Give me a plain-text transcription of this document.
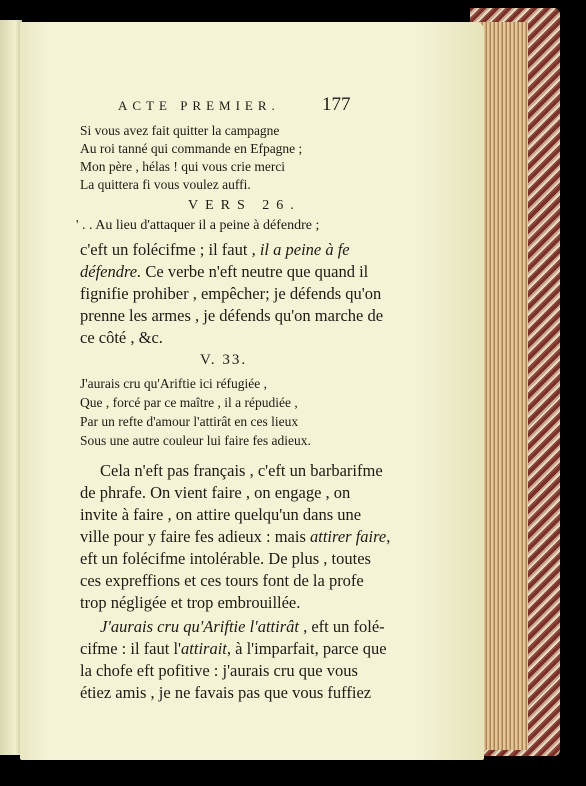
ACTE PREMIER. 177
Si vous avez fait quitter la campagne
Au roi tanné qui commande en Efpagne ;
Mon père , hélas ! qui vous crie merci
La quittera fi vous voulez auffi.
VERS 26.
' . . Au lieu d'attaquer il a peine à défendre ;
c'eft un folécifme ; il faut , il a peine à fe
défendre. Ce verbe n'eft neutre que quand il
fignifie prohiber , empêcher; je défends qu'on
prenne les armes , je défends qu'on marche de
ce côté , &c.
V. 33.
J'aurais cru qu'Ariftie ici réfugiée ,
Que , forcé par ce maître , il a répudiée ,
Par un refte d'amour l'attirât en ces lieux
Sous une autre couleur lui faire fes adieux.
Cela n'eft pas français , c'eft un barbarifme
de phrafe. On vient faire , on engage , on
invite à faire , on attire quelqu'un dans une
ville pour y faire fes adieux : mais attirer faire,
eft un folécifme intolérable. De plus , toutes
ces expreffions et ces tours font de la profe
trop négligée et trop embrouillée.
J'aurais cru qu'Ariftie l'attirât , eft un folé-
cifme : il faut l'attirait, à l'imparfait, parce que
la chofe eft pofitive : j'aurais cru que vous
étiez amis , je ne favais pas que vous fuffiez
